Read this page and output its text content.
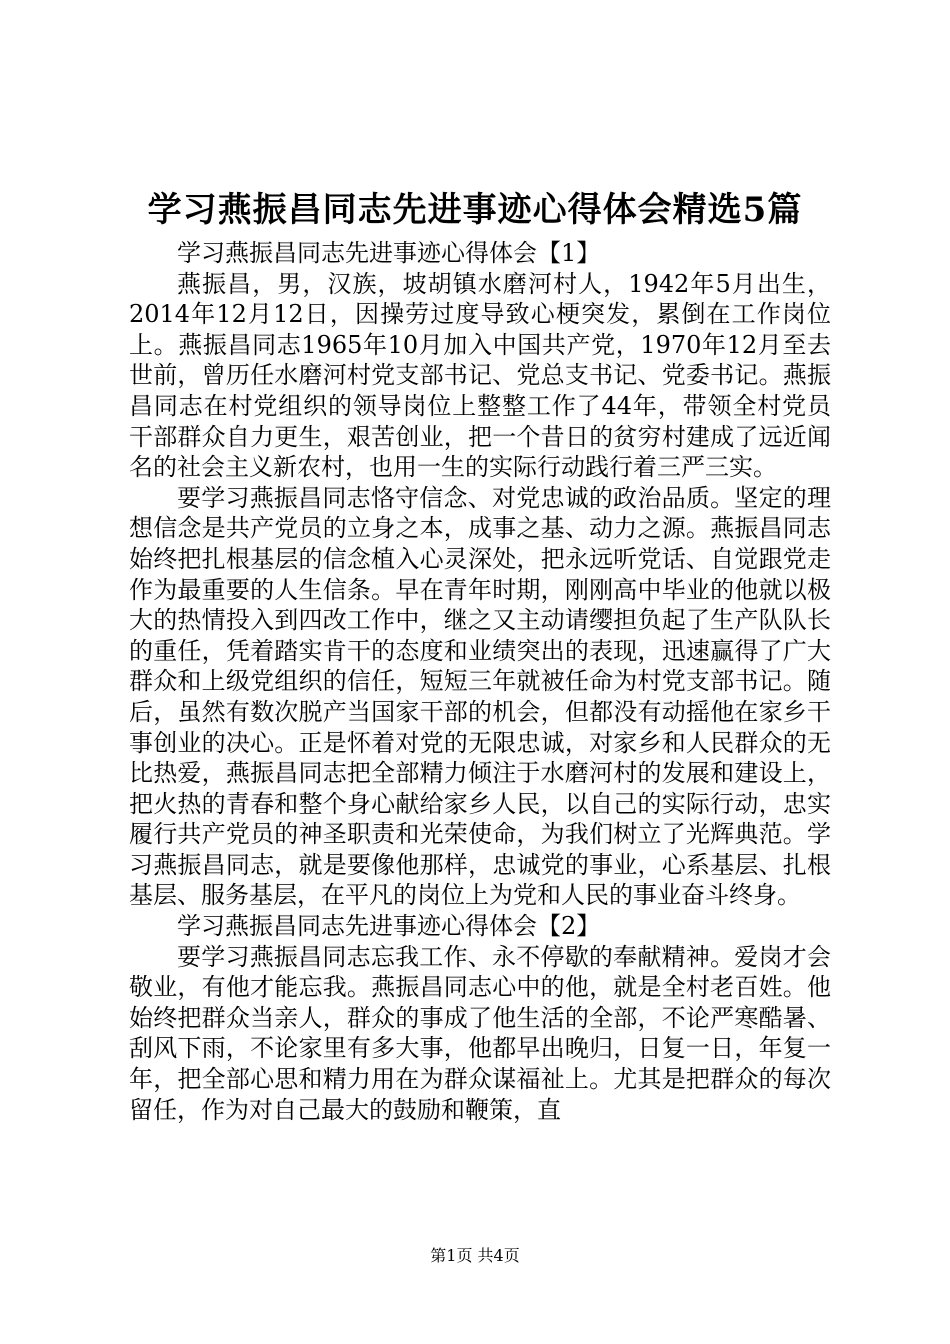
学习燕振昌同志先进事迹心得体会精选5篇

学习燕振昌同志先进事迹心得体会【1】

燕振昌，男，汉族，坡胡镇水磨河村人，1942年5月出生，2014年12月12日，因操劳过度导致心梗突发，累倒在工作岗位上。燕振昌同志1965年10月加入中国共产党，1970年12月至去世前，曾历任水磨河村党支部书记、党总支书记、党委书记。燕振昌同志在村党组织的领导岗位上整整工作了44年，带领全村党员干部群众自力更生，艰苦创业，把一个昔日的贫穷村建成了远近闻名的社会主义新农村，也用一生的实际行动践行着三严三实。

要学习燕振昌同志恪守信念、对党忠诚的政治品质。坚定的理想信念是共产党员的立身之本，成事之基、动力之源。燕振昌同志始终把扎根基层的信念植入心灵深处，把永远听党话、自觉跟党走作为最重要的人生信条。早在青年时期，刚刚高中毕业的他就以极大的热情投入到四改工作中，继之又主动请缨担负起了生产队队长的重任，凭着踏实肯干的态度和业绩突出的表现，迅速赢得了广大群众和上级党组织的信任，短短三年就被任命为村党支部书记。随后，虽然有数次脱产当国家干部的机会，但都没有动摇他在家乡干事创业的决心。正是怀着对党的无限忠诚，对家乡和人民群众的无比热爱，燕振昌同志把全部精力倾注于水磨河村的发展和建设上，把火热的青春和整个身心献给家乡人民，以自己的实际行动，忠实履行共产党员的神圣职责和光荣使命，为我们树立了光辉典范。学习燕振昌同志，就是要像他那样，忠诚党的事业，心系基层、扎根基层、服务基层，在平凡的岗位上为党和人民的事业奋斗终身。

学习燕振昌同志先进事迹心得体会【2】

要学习燕振昌同志忘我工作、永不停歇的奉献精神。爱岗才会敬业，有他才能忘我。燕振昌同志心中的他，就是全村老百姓。他始终把群众当亲人，群众的事成了他生活的全部，不论严寒酷暑、刮风下雨，不论家里有多大事，他都早出晚归，日复一日，年复一年，把全部心思和精力用在为群众谋福祉上。尤其是把群众的每次留任，作为对自己最大的鼓励和鞭策，直

第1页 共4页
